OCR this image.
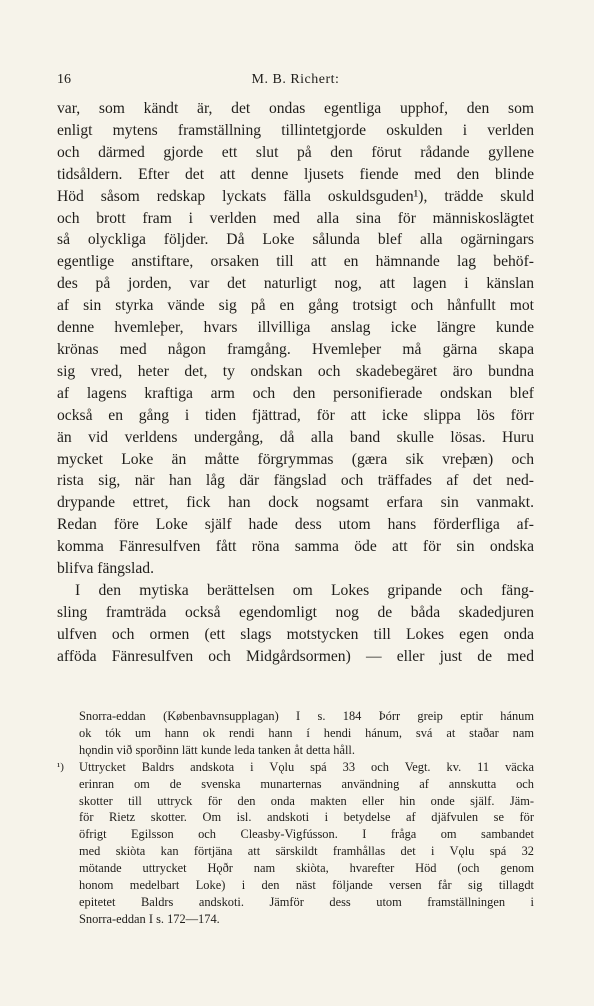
16	M. B. Richert:
var, som kändt är, det ondas egentliga upphof, den som
enligt mytens framställning tillintetgjorde oskulden i verlden
och därmed gjorde ett slut på den förut rådande gyllene
tidsåldern. Efter det att denne ljusets fiende med den blinde
Höd såsom redskap lyckats fälla oskuldsguden¹), trädde skuld
och brott fram i verlden med alla sina för människoslägtet
så olyckliga följder. Då Loke sålunda blef alla ogärningars
egentlige anstiftare, orsaken till att en hämnande lag behöf-
des på jorden, var det naturligt nog, att lagen i känslan
af sin styrka vände sig på en gång trotsigt och hånfullt mot
denne hvemleþer, hvars illvilliga anslag icke längre kunde
krönas med någon framgång. Hvemleþer må gärna skapa
sig vred, heter det, ty ondskan och skadebegäret äro bundna
af lagens kraftiga arm och den personifierade ondskan blef
också en gång i tiden fjättrad, för att icke slippa lös förr
än vid verldens undergång, då alla band skulle lösas. Huru
mycket Loke än måtte förgrymmas (gæra sik vreþæn) och
rista sig, när han låg där fängslad och träffades af det ned-
drypande ettret, fick han dock nogsamt erfara sin vanmakt.
Redan före Loke själf hade dess utom hans förderfliga af-
komma Fänresulfven fått röna samma öde att för sin ondska
blifva fängslad.
I den mytiska berättelsen om Lokes gripande och fäng-
sling framträda också egendomligt nog de båda skadedjuren
ulfven och ormen (ett slags motstycken till Lokes egen onda
afföda Fänresulfven och Midgårdsormen) — eller just de med
Snorra-eddan (Købenbavnsupplagan) I s. 184 Þórr greip eptir hánum
ok tók um hann ok rendi hann í hendi hánum, svá at staðar nam
hǫndin við sporðinn lätt kunde leda tanken åt detta håll.
¹)	Uttrycket Baldrs andskota i Vǫlu spá 33 och Vegt. kv. 11 väcka
erinran om de svenska munarternas användning af annskutta och
skotter till uttryck för den onda makten eller hin onde själf. Jäm-
för Rietz skotter. Om isl. andskoti i betydelse af djäfvulen se för
öfrigt Egilsson och Cleasby-Vigfússon. I fråga om sambandet
med skiòta kan förtjäna att särskildt framhållas det i Vǫlu spá 32
mötande uttrycket Hǫðr nam skiòta, hvarefter Höd (och genom
honom medelbart Loke) i den näst följande versen får sig tillagdt
epitetet Baldrs andskoti. Jämför dess utom framställningen i
Snorra-eddan I s. 172—174.
